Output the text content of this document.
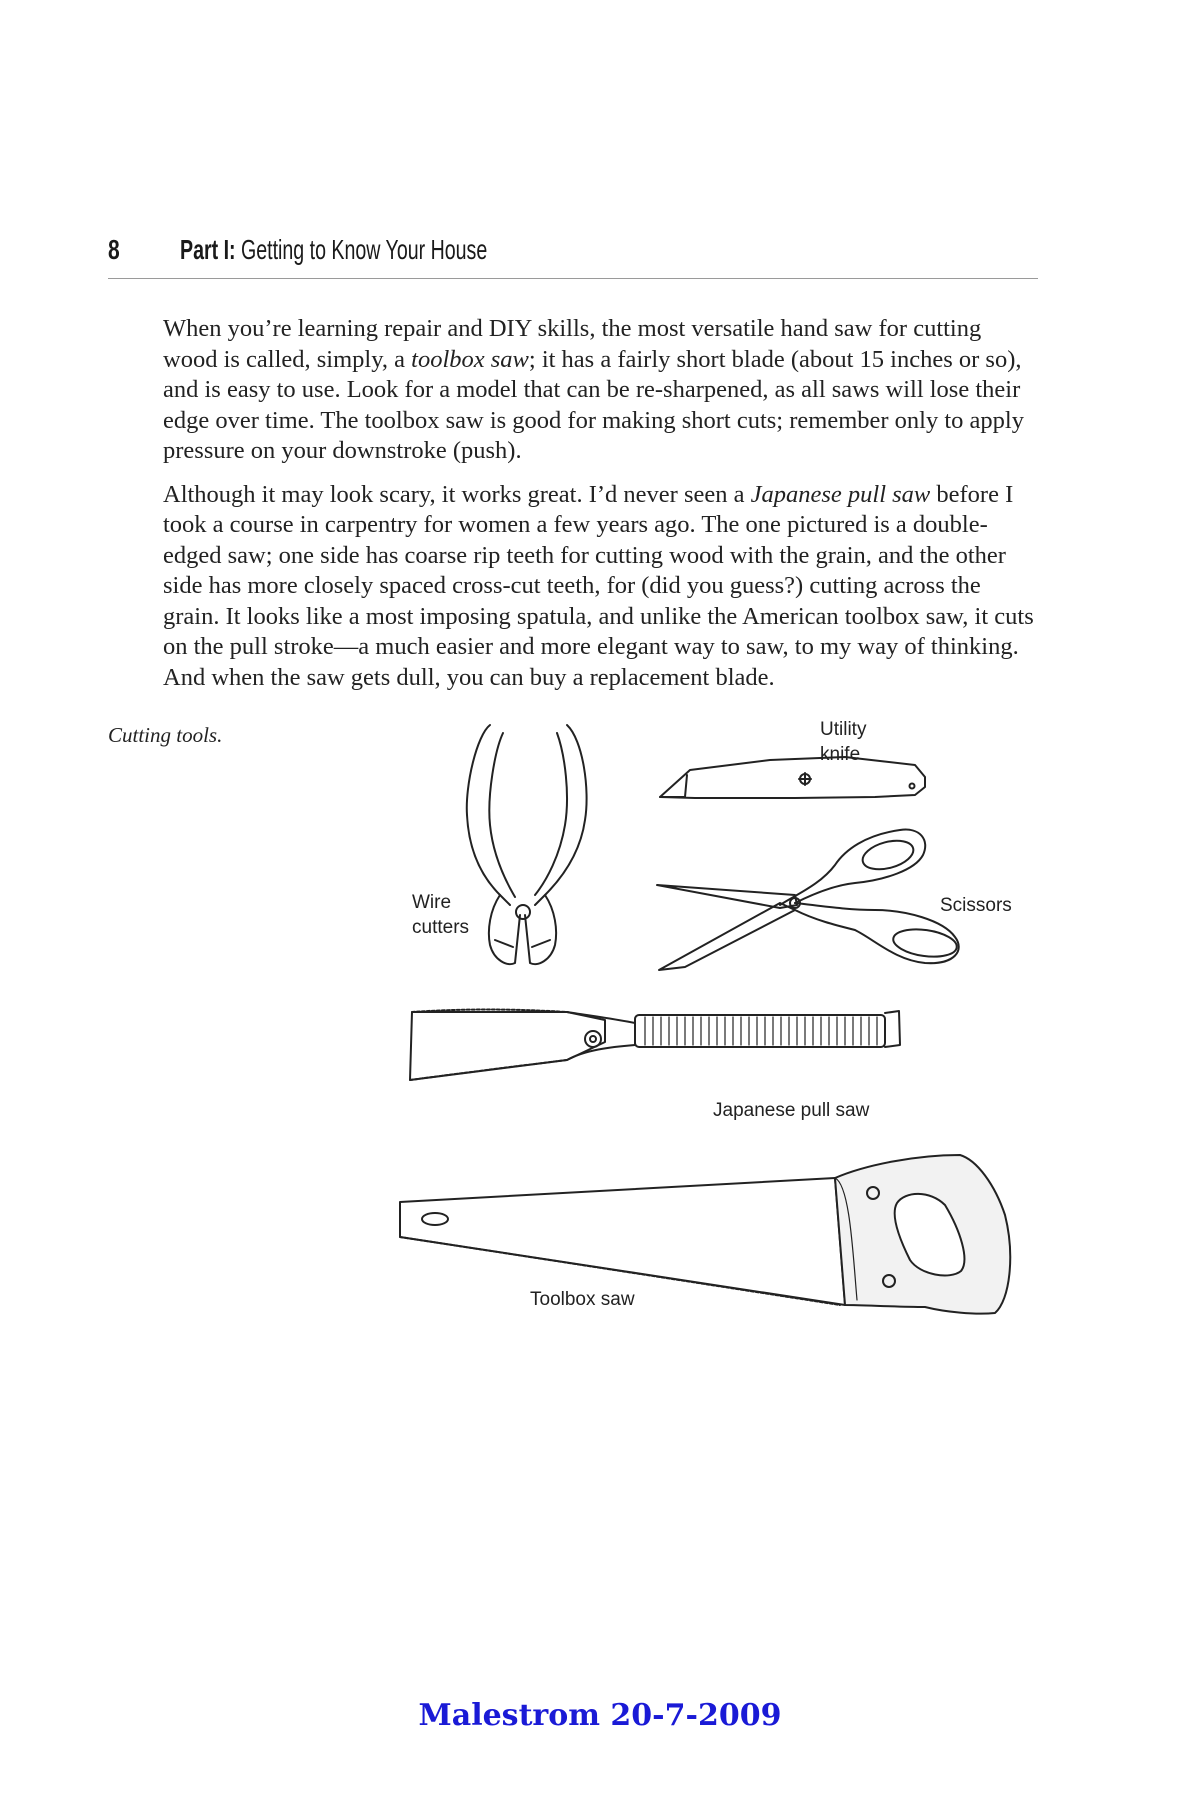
8 Part I: Getting to Know Your House

When you’re learning repair and DIY skills, the most versatile hand saw for cutting wood is called, simply, a toolbox saw; it has a fairly short blade (about 15 inches or so), and is easy to use. Look for a model that can be re-sharpened, as all saws will lose their edge over time. The toolbox saw is good for making short cuts; remember only to apply pressure on your downstroke (push).

Although it may look scary, it works great. I’d never seen a Japanese pull saw before I took a course in carpentry for women a few years ago. The one pictured is a double-edged saw; one side has coarse rip teeth for cutting wood with the grain, and the other side has more closely spaced cross-cut teeth, for (did you guess?) cutting across the grain. It looks like a most imposing spatula, and unlike the American toolbox saw, it cuts on the pull stroke—a much easier and more elegant way to saw, to my way of thinking. And when the saw gets dull, you can buy a replacement blade.

Cutting tools.	Utility
knife
Wire
cutters
Scissors
Japanese pull saw
Toolbox saw
Malestrom 20-7-2009
